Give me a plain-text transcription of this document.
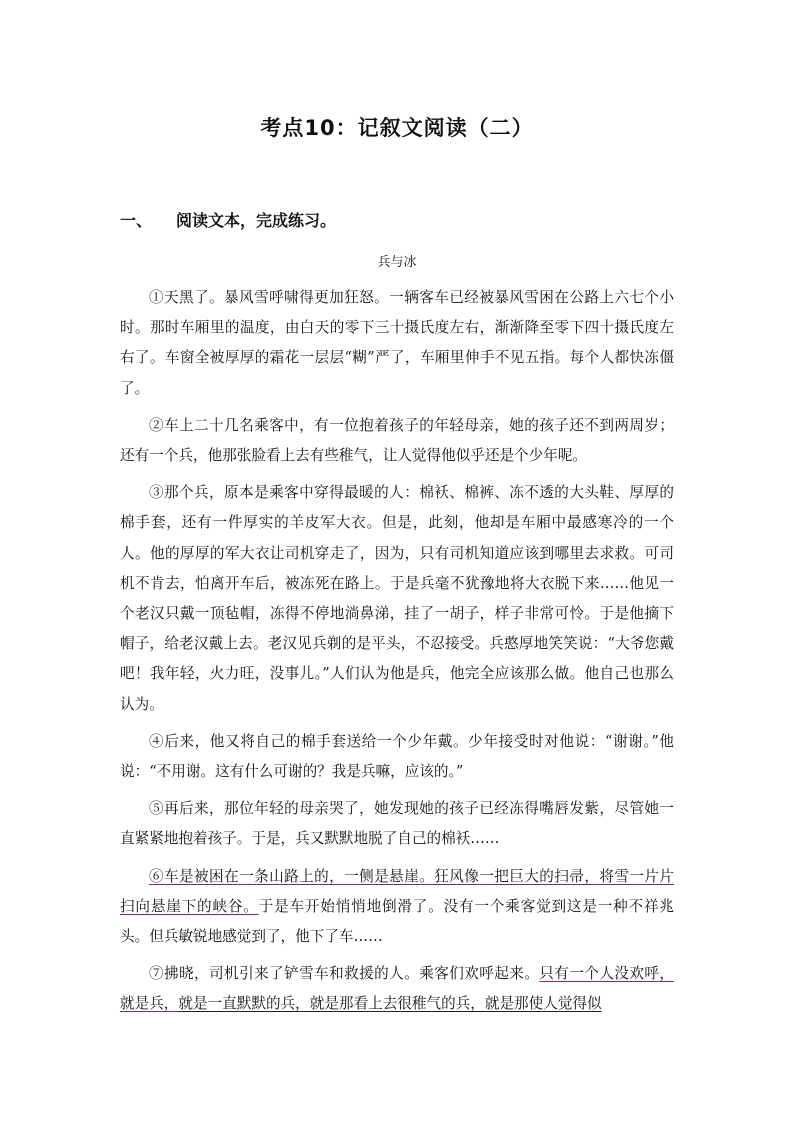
考点10：记叙文阅读（二）
一、 阅读文本，完成练习。
兵与冰

①天黑了。暴风雪呼啸得更加狂怒。一辆客车已经被暴风雪困在公路上六七个小时。那时车厢里的温度，由白天的零下三十摄氏度左右，渐渐降至零下四十摄氏度左右了。车窗全被厚厚的霜花一层层“糊”严了，车厢里伸手不见五指。每个人都快冻僵了。

②车上二十几名乘客中，有一位抱着孩子的年轻母亲，她的孩子还不到两周岁；还有一个兵，他那张脸看上去有些稚气，让人觉得他似乎还是个少年呢。

③那个兵，原本是乘客中穿得最暖的人：棉袄、棉裤、冻不透的大头鞋、厚厚的棉手套，还有一件厚实的羊皮军大衣。但是，此刻，他却是车厢中最感寒冷的一个人。他的厚厚的军大衣让司机穿走了，因为，只有司机知道应该到哪里去求救。可司机不肯去，怕离开车后，被冻死在路上。于是兵毫不犹豫地将大衣脱下来……他见一个老汉只戴一顶毡帽，冻得不停地淌鼻涕，挂了一胡子，样子非常可怜。于是他摘下帽子，给老汉戴上去。老汉见兵剃的是平头，不忍接受。兵憨厚地笑笑说：“大爷您戴吧！我年轻，火力旺，没事儿。”人们认为他是兵，他完全应该那么做。他自己也那么认为。

④后来，他又将自己的棉手套送给一个少年戴。少年接受时对他说：“谢谢。”他说：“不用谢。这有什么可谢的？我是兵嘛，应该的。”

⑤再后来，那位年轻的母亲哭了，她发现她的孩子已经冻得嘴唇发紫，尽管她一直紧紧地抱着孩子。于是，兵又默默地脱了自己的棉袄……

⑥车是被困在一条山路上的，一侧是悬崖。狂风像一把巨大的扫帚，将雪一片片扫向悬崖下的峡谷。于是车开始悄悄地倒滑了。没有一个乘客觉到这是一种不祥兆头。但兵敏锐地感觉到了，他下了车……

⑦拂晓，司机引来了铲雪车和救援的人。乘客们欢呼起来。只有一个人没欢呼，就是兵，就是一直默默的兵，就是那看上去很稚气的兵，就是那使人觉得似
